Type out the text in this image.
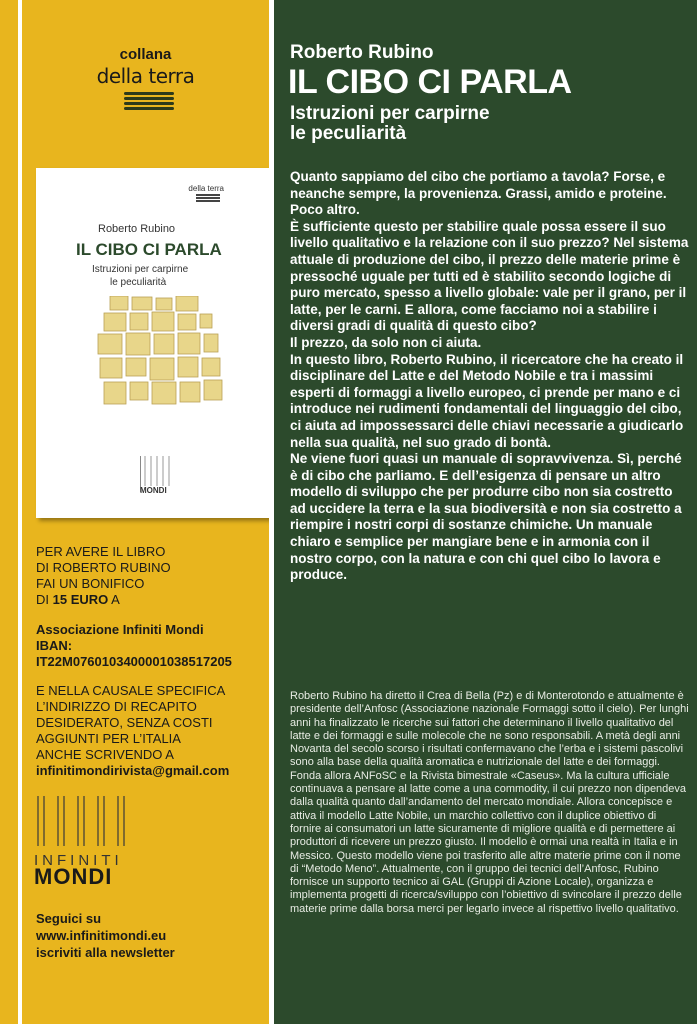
collana
della terra
della terra
Roberto Rubino
IL CIBO CI PARLA
Istruzioni per carpirne
le peculiarità
MONDI
PER AVERE IL LIBRO
DI ROBERTO RUBINO
FAI UN BONIFICO
DI 15 EURO A
Associazione Infiniti Mondi
IBAN:
IT22M0760103400001038517205
E NELLA CAUSALE SPECIFICA
L’INDIRIZZO DI RECAPITO
DESIDERATO, SENZA COSTI
AGGIUNTI PER L’ITALIA
ANCHE SCRIVENDO A
infinitimondirivista@gmail.com
INFINITI
MONDI
Seguici su
www.infinitimondi.eu
iscriviti alla newsletter
Roberto Rubino
IL CIBO CI PARLA
Istruzioni per carpirne
le peculiarità

Quanto sappiamo del cibo che portiamo a tavola? Forse, e neanche sempre, la provenienza. Grassi, amido e proteine. Poco altro.

È sufficiente questo per stabilire quale possa essere il suo livello qualitativo e la relazione con il suo prezzo? Nel sistema attuale di produzione del cibo, il prezzo delle materie prime è pressoché uguale per tutti ed è stabilito secondo logiche di puro mercato, spesso a livello globale: vale per il grano, per il latte, per le carni. E allora, come facciamo noi a stabilire i diversi gradi di qualità di questo cibo?

Il prezzo, da solo non ci aiuta.

In questo libro, Roberto Rubino, il ricercatore che ha creato il disciplinare del Latte e del Metodo Nobile e tra i massimi esperti di formaggi a livello europeo, ci prende per mano e ci introduce nei rudimenti fondamentali del linguaggio del cibo, ci aiuta ad impossessarci delle chiavi necessarie a giudicarlo nella sua qualità, nel suo grado di bontà.

Ne viene fuori quasi un manuale di sopravvivenza. Sì, perché è di cibo che parliamo. E dell’esigenza di pensare un altro modello di sviluppo che per produrre cibo non sia costretto ad uccidere la terra e la sua biodiversità e non sia costretto a riempire i nostri corpi di sostanze chimiche. Un manuale chiaro e semplice per mangiare bene e in armonia con il nostro corpo, con la natura e con chi quel cibo lo lavora e produce.

Roberto Rubino ha diretto il Crea di Bella (Pz) e di Monterotondo e attualmente è presidente dell’Anfosc (Associazione nazionale Formaggi sotto il cielo). Per lunghi anni ha finalizzato le ricerche sui fattori che determinano il livello qualitativo del latte e dei formaggi e sulle molecole che ne sono responsabili. A metà degli anni Novanta del secolo scorso i risultati confermavano che l’erba e i sistemi pascolivi sono alla base della qualità aromatica e nutrizionale del latte e dei formaggi. Fonda allora ANFoSC e la Rivista bimestrale «Caseus». Ma la cultura ufficiale continuava a pensare al latte come a una commodity, il cui prezzo non dipendeva dalla qualità quanto dall’andamento del mercato mondiale. Allora concepisce e attiva il modello Latte Nobile, un marchio collettivo con il duplice obiettivo di fornire ai consumatori un latte sicuramente di migliore qualità e di permettere ai produttori di ricevere un prezzo giusto. Il modello è ormai una realtà in Italia e in Messico. Questo modello viene poi trasferito alle altre materie prime con il nome di “Metodo Meno”. Attualmente, con il gruppo dei tecnici dell’Anfosc, Rubino fornisce un supporto tecnico ai GAL (Gruppi di Azione Locale), organizza e implementa progetti di ricerca/sviluppo con l’obiettivo di svincolare il prezzo delle materie prime dalla borsa merci per legarlo invece al rispettivo livello qualitativo.
